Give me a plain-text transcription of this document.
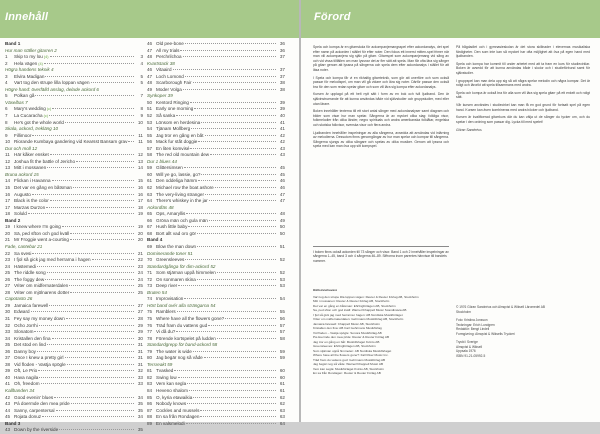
Innehåll
Band 1
Hur man ställer gitarren 2
1	Skip to my lou (4)	3
2	Hela vägen (4)	4
Högra handens teknik 4
3	Elvira Madigan	5
4	Vart tog den strupe lilla loppan vägen	5
Högre hand: överfälld anslag, delade ackord 6
5	Polkan gå	7
Växelbas 7
6	Mary's wedding (c)	8
7	La Cucaracha (c)	9
8	He's got the whole world	10
Skala, ackord, trekläng 10
9	Fillimoor	11
10 Riorande Kumbaya gandering vid Kearsst Bansam grav	11
Dur och moll 12
11 Här kåker ensket	12
12 Joshua fit the battle of Jericho	13
13 Mitt i mossanen	14
Bruna ackord 15
14 Flickan i Havanna	15
15 Det var en gång en båtsman	16
16 Augusto	16
17 Black is the color	17
17 Marzas Durzon	18
18 Soluld	19
Band 2
19 I knew where I'm going	19
20 Sä, ped sfton och god kväll	20
21 Mr Froggie went a-courting	20
Fade, cantebar 21
22 Sa svesi	21
23 I fjol så gick jag med herrarna i hagen	22
24 Hästemedi	23
25 The riddle song	24
26 The foggy dew	24
27 Vriter om midfernaterdalen	25
28 Vriter om mjölnarens dotter	25
Capotasto 26
29 Jamaica farewell	27
30 Edward	27
31 Fey say my money down	28
32 Ocho Jorrhi	29
33 Slonatom	29
34 Kristallen den fina	30
35 Det stod en lind	31
36 Danny boy	31
37 Once I knew a pretty girl	31
38 Vid floden - Vastja spögle	31
39 Oft, Le Prio	32
40 Hava nagila	33
41 Oh, freedom	33
Kallbanden 34
42 Good evenin' blues	34
43 Pá doermde den mea pride	35
44 Sanny, carpentersal	35
45 Rojata donuz	34
Band 3
43 Down by the riverside	35
46 Old pee-bone	36
47 All my trials	36
48 Perchrilchoa	37
Kvartstack 38
46 Vitaaird	37
47 Loch Lomond	37
48 Scarborough Fair	38
49 Moder Volga	38
Synkoper 39
50 Kentord Ringing	39
51 Early one morning	39
52 Så sanka	40
53 Lönsom en herdesina	41
54 Tjänam Mollberg	41
55 Jag tror en gång en båt	42
56 Mack fur ståt doggie	42
57 En liten komvisé	43
58 The red old mountain dew	43
Dur 1 blues 44
59 Glittersimsen	45
60 Will ye go, lassie, go?	45
61 Den oddeliga hämm	46
62 Michael row the boat ashore	46
63 The very-living stranger	47
64 There's whiskey in the jar	47
Ackordläs 48
65 Ops, Amaryllis	48
66 Gröna män och gula män	49
67 Hush little baby	50
68 Bort allt vad oro gör	50
Band 4
69 Blow the man down	51
Dominerande toner 51
70 Greensleeves	52
Standardgånga för dim-ackord 52
71 Som stjärnan uppå himmelen	52
72 On sonmaren skina	53
73 Deep river	53
Bruten 54
74 Improvisation	54
Hört band ovér alla strängarna 54
75 Ramblers	55
75 Where have all the flowers gone?	56
76 Träd fram du vattens gud	57
77 Vi då du?	57
78 Förende kortspelet på ludden	58
Standardgrepp för band-ackord 58
79 The water is wide	59
80 Jag begär nog så våde	59
Tersreakt 59
81 Tvasked	60
82 Swing low	60
83 Vem kan segla	61
84 Heveno shalom	61
85 O, kyria etawaikia	62
86 Nobody knows	62
87 Cockles and mussels	63
88 En sa från Rondagen	63
89 En valsmelodi	64
Förord

Spela och kompa är en gitarrskola för ackompanjemangsspel efter ackordanalys, det spel efter namn på ackorden i stället för efter noter. Den fokus ett innerst mitten-spel frimer när man vill ackompanjera sig själv på gitarr. Gitarrspel som ackompanjemang vid sång av och vid vissa tillfällen om man lyssnar det ar fler sätt att spela. Man får ofta lära sig sånger på gitarr genom att lyssna på sångerna och spela dem efter ackordanalys i stället för att läsa noter.

I Spela och kompa får vi en rikhaltig gitarrteknik, som gör att unerföre och som också passar för melodispel, om man vill gå vidare och lära sig noter. Därför passar den också bra för den som redan spelar gitarr och som vill lära sig kompa efter ackordanalys.

Kursen är upplagd på ett helt nytt sätt i form av en bok och två ljudband. Den är självinstruerande för att kunna användas både vid självstudier och gruppstudier, med eller utan lärare.

Boken innehåller texterna till ett stort antal sånger med ackordanalyser samt diagram och bilder som visar hur man spelar. Sångerna är av mycket olika slag: folkliga visor, folkmelodier från olika länder, negro spirituals och andra amerikanska folklåtar, engelska och skotska folkvisor, svenska visor och flera andra.

Ljudbanden innehåller inspelningar av alla sångerna, avsedda att användas vid inlärning av melodierna. Dessutom finns genomgångar av hur man spelar och kompar till sångerna. Sångerna sjungs av olika sångare och spelas av olika musiker. Genom att lyssna och spela med kan man öva upp sitt kompspel.

På bågdadlet och i gymnasieskolan är det stora skillnader i elevernas musikaliska färdigheter. Den som inte kan så mycket har ofta möjlighet att öva på egen hand med ljudbanden.

Spela och kompa har kommit till under arbetet med att ta fram en kurs för studiecirklar. Boken är avsedd för att kunna användas både i skolor och i studieförbund samt för självstudier.

I gruppspel kan man dela upp sig så att några spelar melodin och några kompar. Det är roligt och lärorikt att spela tillsammans med andra.

Spela och kompa är också bra för alla som vill lära sig spela gitarr på ett enkelt och roligt sätt.

Vår kursen användes i studiecirkel kan man få en god grund för fortsatt spel på egen hand. Kursen kan även kombineras med andra böcker och ljudband.

Kursen är kvalificerad gitarrkurs där du kan välja ut de sånger du tycker om, och du spelar i den ordning som passar dig. Lycka till med spelet!

Göran Sandnéus
I boken finns också ackorden till 73 sånger och visor. Band 1 och 2 innehåller inspelningar av sångerna 1–45, band 3 och 4 sångerna 46–89. Siffrorna inom parentes hänvisar till bandets nummer.
Rättsinnehavare
Vart tog den strupe lilla loppan vägen: Reuter & Reuter Förlag AB, Stockholm
Mitt i mossanen: Reuter & Reuter Förlag AB, Stockholm
Det var en gång en båtsman: Ehrlingförlagen AB, Stockholm
Sa, ped sfton och god kväll: Warner/Chappell Music Scandinavia AB
I fjol så gick jag med herrarna i hagen: AB Nordiska Musikförlaget
Vriter om midfernaterdalen: Gehrmans Musikförlag AB, Stockholm
Jamaica farewell: Chappell Music AB, Stockholm
Kristallen den fina: AB Carl Gehrmans Musikförlag
Vid floden – Vastja spögle: Sonora Musikförlag AB
Pá doermde den mea pride: Reuter & Reuter Förlag AB
Jag tror en gång en båt: Musikförlaget Kvinto AB
Greensleeves: Ehrlingförlagen AB, Stockholm
Som stjärnan uppå himmelen: AB Nordiska Musikförlaget
Where have all the flowers gone?: Fall River Music Inc.
Träd fram du vattens gud: Gehrmans Musikförlag AB
Jag begär nog så våde: Warner/Chappell Music AB
Vem kan segla: Musikförlaget Kvinto AB, Stockholm
En sa från Rondagen: Reuter & Reuter Förlag AB
© 1976 Göran Sandnéus och Almqvist & Wiksell Läromedel AB
Stockholm
Foto: Kristina Jonsson
Teckningar: Erich Lundgren
Redaktör: Bengt Lindell
Formgivning: Almqvist & Wiksells Tryckeri
Tryckt i Sverige
Almqvist & Wiksell
Uppsala 1976
ISBN 91-21-05992-5
